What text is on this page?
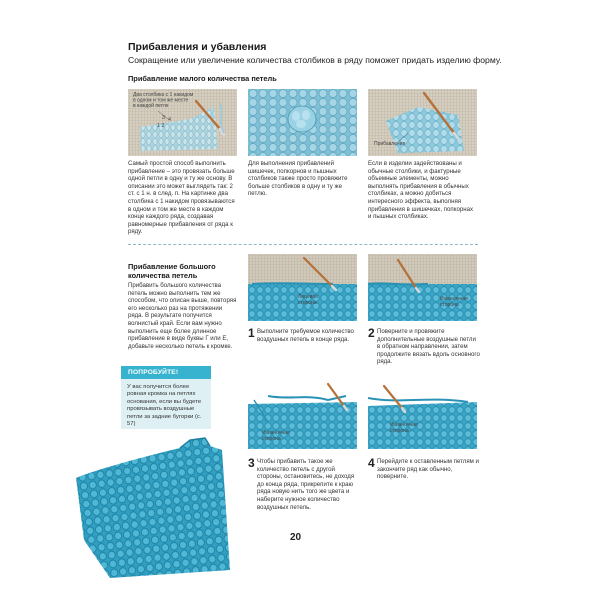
Прибавления и убавления
Сокращение или увеличение количества столбиков в ряду поможет придать изделию форму.
Прибавление малого количества петель
Два столбика с 1 накидом
в одном и том же месте
в каждой петле
3 4
1 2
Прибавления
Самый простой способ выполнить прибавление – это провязать больше одной петли в одну и ту же основу. В описании это может выглядеть так: 2 ст. с 1 н. в след. п. На картинке два столбика с 1 накидом провязываются в одном и том же месте в каждом конце каждого ряда, создавая равномерные прибавления от ряда к ряду.
Для выполнения прибавлений шишечек, попкорнов и пышных столбиков также просто провяжите больше столбиков в одну и ту же петлю.
Если в изделии задействованы и обычные столбики, и фактурные объемные элементы, можно выполнять прибавления в обычных столбиках, а можно добиться интересного эффекта, выполняя прибавления в шишечках, попкорнах и пышных столбиках.
Прибавление большого количества петель
Прибавить большого количества петель можно выполнить тем же способом, что описан выше, повторяя его несколько раз на протяжении ряда. В результате получится волнистый край. Если вам нужно выполнить еще более длинное прибавление в виде буквы Г или Е, добавьте несколько петель к кромке.
ПОПРОБУЙТЕ!
У вас получится более ровная кромка на петлях основания, если вы будете провязывать воздушные петли за задние бугорки (с. 57)
Лицевая
сторона
Изнаночная
сторона
Изнаночная
сторона
Изнаночная
сторона
1 Выполните требуемое количество воздушных петель в конце ряда.	2 Поверните и провяжите дополнительные воздушные петли в обратном направлении, затем продолжите вязать вдоль основного ряда.
3 Чтобы прибавить такое же количество петель с другой стороны, остановитесь, не доходя до конца ряда, прикрепите к краю ряда новую нить того же цвета и наберите нужное количество воздушных петель.
4 Перейдите к оставленным петлям и закончите ряд как обычно, поверните.
20
